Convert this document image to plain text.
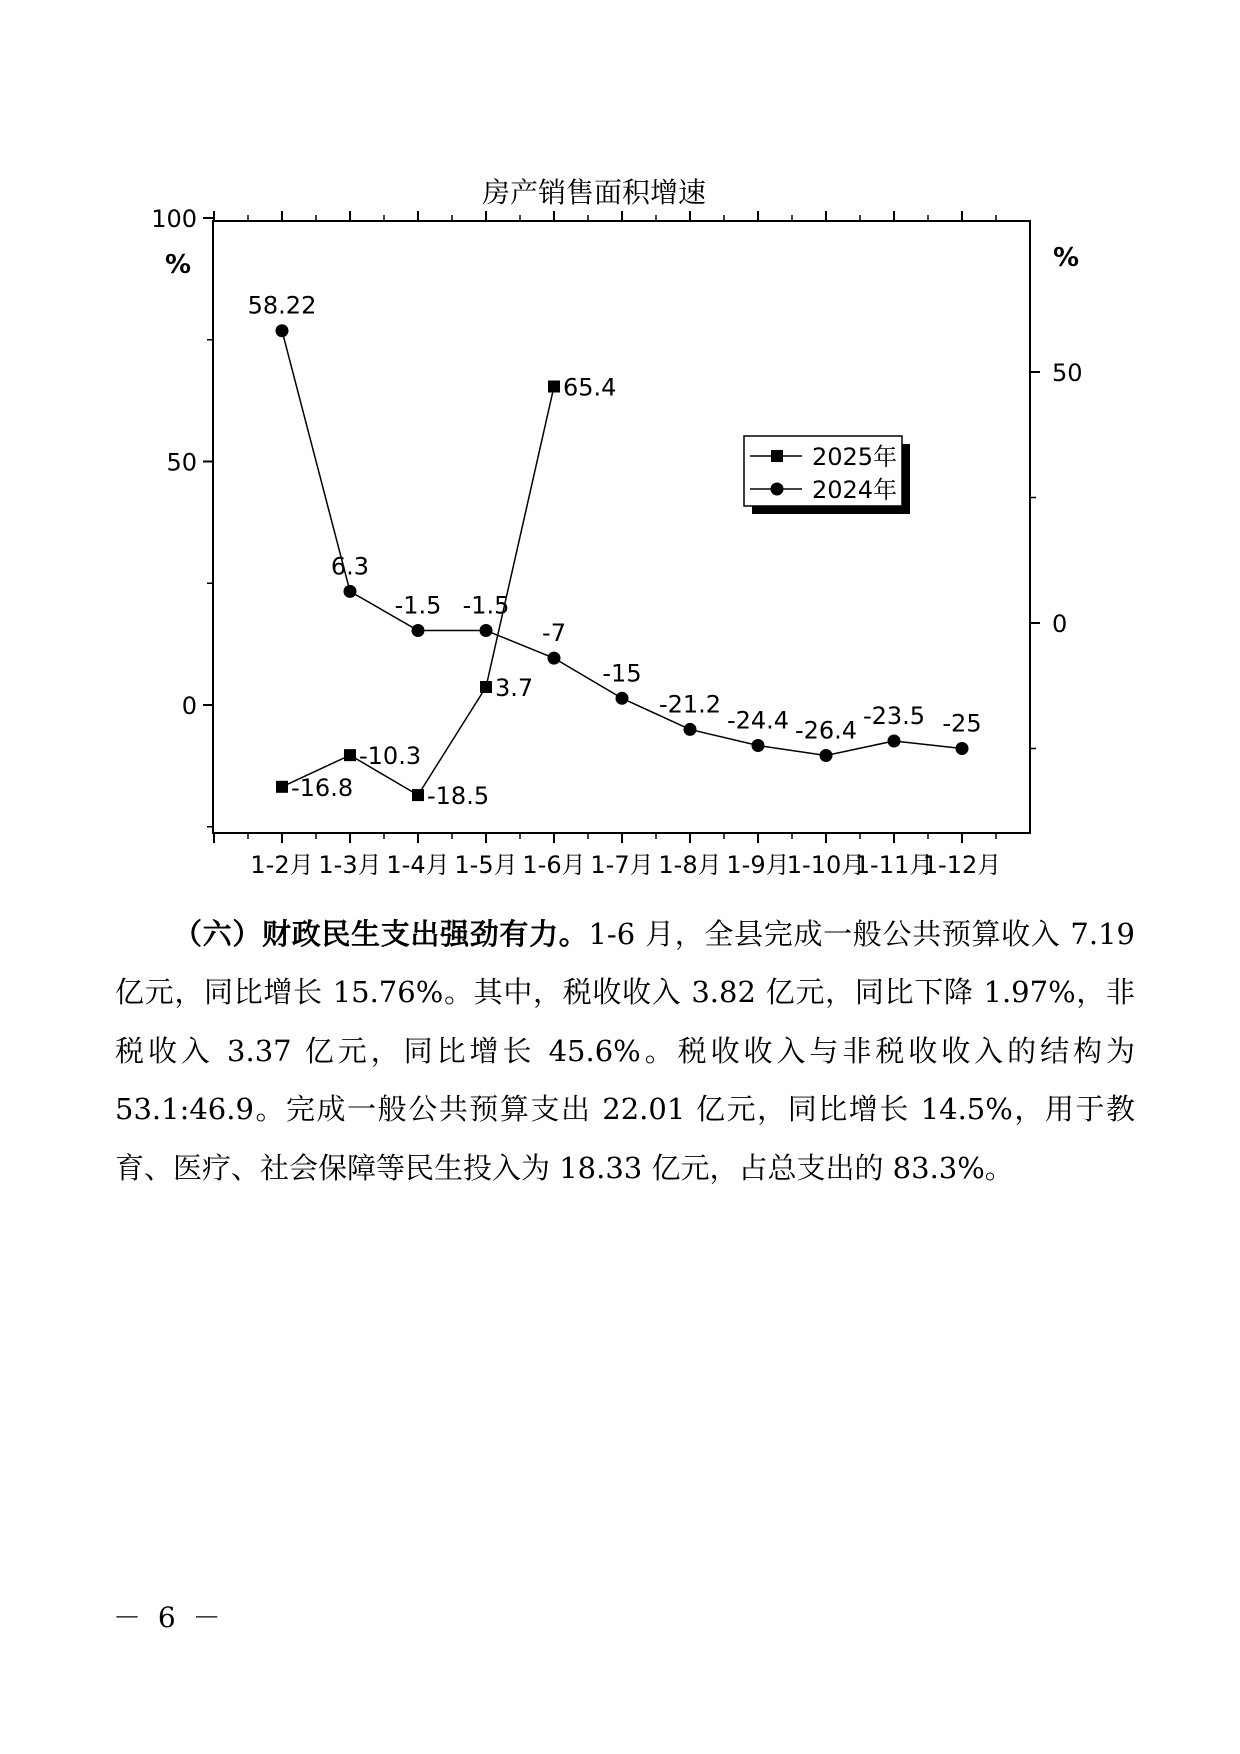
房产销售面积增速
100
50
0
50
0
1-2月 1-3月 1-4月 1-5月 1-6月 1-7月 1-8月 1-9月
1-10月
1-11月
1-12月
%	%
-16.8
-10.3
-18.5
3.7
65.4
58.22
6.3
-1.5 -1.5
-7
-15
-21.2
-24.4 -26.4
-23.5 -25
2025年
2024年

（六）财政民生支出强劲有力。1-6 月，全县完成一般公共预算收入 7.19 亿元，同比增长 15.76%。其中，税收收入 3.82 亿元，同比下降 1.97%，非税收入 3.37 亿元，同比增长 45.6%。税收收入与非税收收入的结构为 53.1:46.9。完成一般公共预算支出 22.01 亿元，同比增长 14.5%，用于教育、医疗、社会保障等民生投入为 18.33 亿元，占总支出的 83.3%。

－ 6 －
